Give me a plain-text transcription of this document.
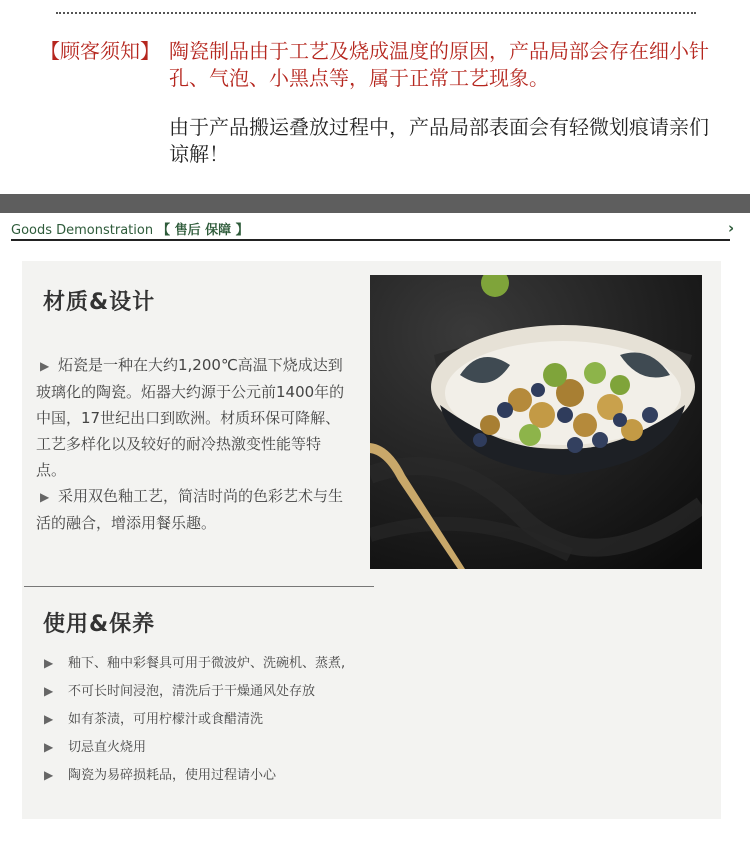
【顾客须知】 陶瓷制品由于工艺及烧成温度的原因，产品局部会存在细小针孔、气泡、小黑点等，属于正常工艺现象。
由于产品搬运叠放过程中，产品局部表面会有轻微划痕请亲们谅解！
Goods Demonstration 【 售后 保障 】	›
材质&设计
▶ 炻瓷是一种在大约1,200℃高温下烧成达到玻璃化的陶瓷。炻器大约源于公元前1400年的中国，17世纪出口到欧洲。材质环保可降解、工艺多样化以及较好的耐冷热激变性能等特点。
▶ 采用双色釉工艺，简洁时尚的色彩艺术与生活的融合，增添用餐乐趣。
使用&保养
▶ 釉下、釉中彩餐具可用于微波炉、洗碗机、蒸煮,
▶ 不可长时间浸泡，清洗后于干燥通风处存放
▶ 如有茶渍，可用柠檬汁或食醋清洗
▶ 切忌直火烧用
▶ 陶瓷为易碎损耗品，使用过程请小心
